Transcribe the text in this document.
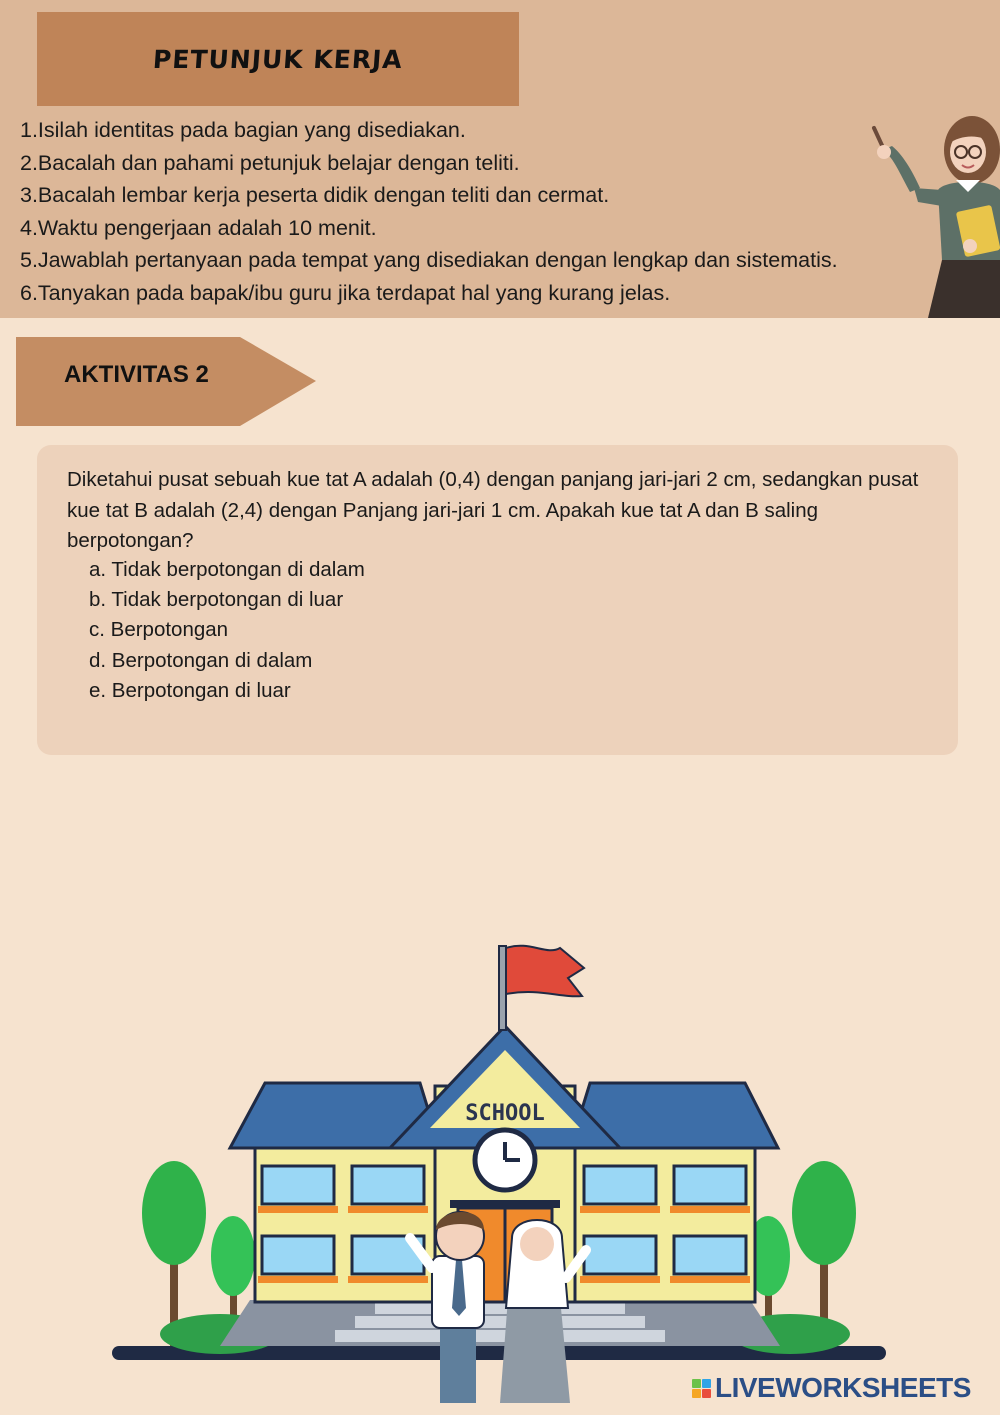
PETUNJUK KERJA
1.Isilah identitas pada bagian yang disediakan.
2.Bacalah dan pahami petunjuk belajar dengan teliti.
3.Bacalah lembar kerja peserta didik dengan teliti dan cermat.
4.Waktu pengerjaan adalah 10 menit.
5.Jawablah pertanyaan pada tempat yang disediakan dengan lengkap dan sistematis.
6.Tanyakan pada bapak/ibu guru jika terdapat hal yang kurang jelas.
AKTIVITAS 2

Diketahui pusat sebuah kue tat A adalah (0,4) dengan panjang jari-jari 2 cm, sedangkan pusat kue tat B adalah (2,4) dengan Panjang jari-jari 1 cm. Apakah kue tat A dan B saling berpotongan?

a. Tidak berpotongan di dalam
b. Tidak berpotongan di luar
c. Berpotongan
d. Berpotongan di dalam
e. Berpotongan di luar
SCHOOL
LIVEWORKSHEETS
